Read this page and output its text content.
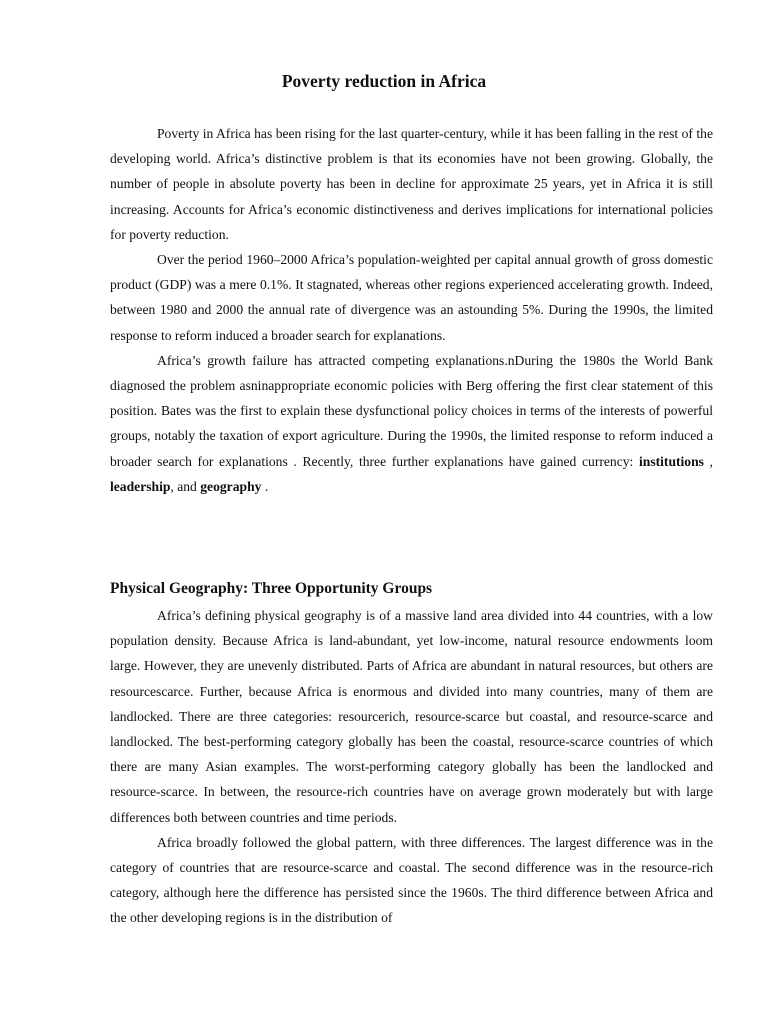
Poverty reduction in Africa

Poverty in Africa has been rising for the last quarter-century, while it has been falling in the rest of the developing world. Africa’s distinctive problem is that its economies have not been growing. Globally, the number of people in absolute poverty has been in decline for approximate 25 years, yet in Africa it is still increasing. Accounts for Africa’s economic distinctiveness and derives implications for international policies for poverty reduction.

Over the period 1960–2000 Africa’s population-weighted per capital annual growth of gross domestic product (GDP) was a mere 0.1%. It stagnated, whereas other regions experienced accelerating growth. Indeed, between 1980 and 2000 the annual rate of divergence was an astounding 5%. During the 1990s, the limited response to reform induced a broader search for explanations.

Africa’s growth failure has attracted competing explanations.nDuring the 1980s the World Bank diagnosed the problem asninappropriate economic policies with Berg offering the first clear statement of this position. Bates was the first to explain these dysfunctional policy choices in terms of the interests of powerful groups, notably the taxation of export agriculture. During the 1990s, the limited response to reform induced a broader search for explanations . Recently, three further explanations have gained currency: institutions , leadership, and geography .

Physical Geography: Three Opportunity Groups

Africa’s defining physical geography is of a massive land area divided into 44 countries, with a low population density. Because Africa is land-abundant, yet low-income, natural resource endowments loom large. However, they are unevenly distributed. Parts of Africa are abundant in natural resources, but others are resourcescarce. Further, because Africa is enormous and divided into many countries, many of them are landlocked. There are three categories: resourcerich, resource-scarce but coastal, and resource-scarce and landlocked. The best-performing category globally has been the coastal, resource-scarce countries of which there are many Asian examples. The worst-performing category globally has been the landlocked and resource-scarce. In between, the resource-rich countries have on average grown moderately but with large differences both between countries and time periods.

Africa broadly followed the global pattern, with three differences. The largest difference was in the category of countries that are resource-scarce and coastal. The second difference was in the resource-rich category, although here the difference has persisted since the 1960s. The third difference between Africa and the other developing regions is in the distribution of
